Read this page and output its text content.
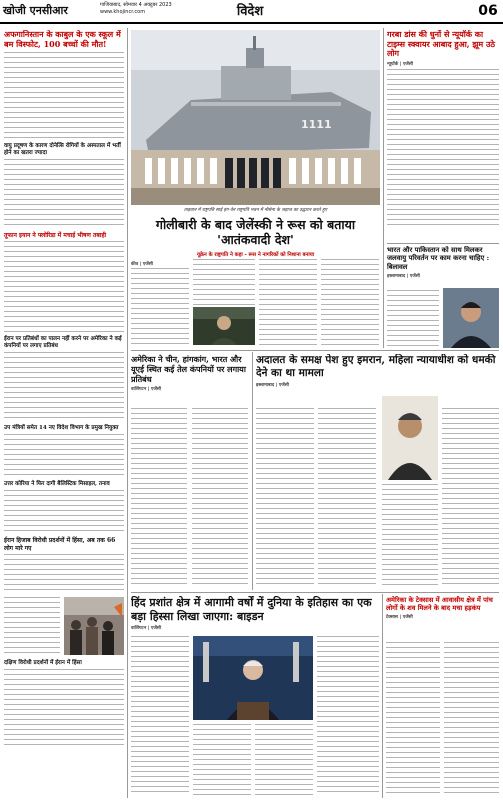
खोजी एनसीआर	गाजियाबाद, सोमवार 4 अक्टूबर 2023
www.khojincr.com	विदेश	06
अफगानिस्तान के काबुल के एक स्कूल में बम विस्फोट, 100 बच्चों की मौत!
वायु प्रदूषण के कारण दोनेत्सि रोगियों के अस्पताल में भर्ती होने का खतरा ज्यादा
तूफान इयान ने फ्लोरिडा में मचाई भीषण तबाही
ईरान पर प्रतिबंधों का पालन नहीं करने पर अमेरिका ने कई कंपनियों पर लगाए प्रतिबंध
उप मंत्रियों समेत 14 नए विदेश विभाग के प्रमुख नियुक्त
उत्तर कोरिया ने फिर दागी बैलिस्टिक मिसाइल, तनाव
ईरान हिजाब विरोधी प्रदर्शनों में हिंसा, अब तक 66 लोग मारे गए
दक्षिण विरोधी प्रदर्शनों में ईरान में हिंसा
1111
ताइवान में राष्ट्रपति साई इंग-वेन राष्ट्रपति भवन में नौसेना के जहाज का उद्घाटन करते हुए
गोलीबारी के बाद जेलेंस्की ने रूस को बताया 'आतंकवादी देश'
यूक्रेन के राष्ट्रपति ने कहा - रूस ने नागरिकों को निशाना बनाया
कीव | एजेंसी
गरबा डांस की धुनों से न्यूयॉर्क का टाइम्स स्क्वायर आबाद हुआ, झूम उठे लोग
न्यूयॉर्क | एजेंसी
भारत और पाकिस्तान को साथ मिलकर जलवायु परिवर्तन पर काम करना चाहिए : बिलावल
इस्लामाबाद | एजेंसी
अमेरिका ने चीन, हांगकांग, भारत और यूएई स्थित कई तेल कंपनियों पर लगाया प्रतिबंध
वाशिंगटन | एजेंसी
अदालत के समक्ष पेश हुए इमरान, महिला न्यायाधीश को धमकी देने का था मामला
इस्लामाबाद | एजेंसी
हिंद प्रशांत क्षेत्र में आगामी वर्षों में दुनिया के इतिहास का एक बड़ा हिस्सा लिखा जाएगा: बाइडन
वाशिंगटन | एजेंसी
अमेरिका के टेक्सास में आवासीय क्षेत्र में पांच लोगों के शव मिलने के बाद मचा हड़कंप
टेक्सास | एजेंसी
